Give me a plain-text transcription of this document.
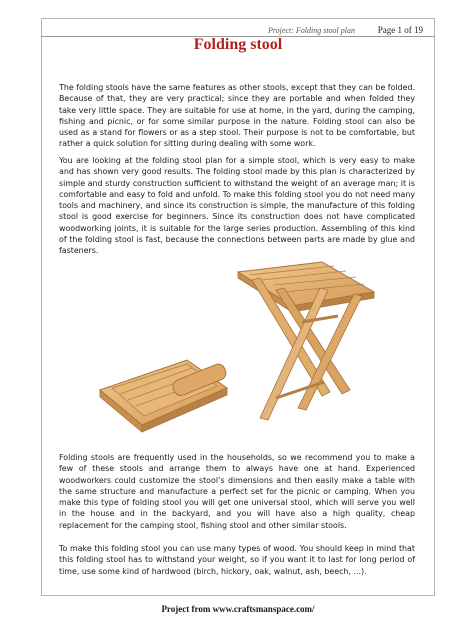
Project: Folding stool plan	Page 1 of 19
Folding stool

The folding stools have the same features as other stools, except that they can be folded. Because of that, they are very practical; since they are portable and when folded they take very little space. They are suitable for use at home, in the yard, during the camping, fishing and picnic, or for some similar purpose in the nature. Folding stool can also be used as a stand for flowers or as a step stool. Their purpose is not to be comfortable, but rather a quick solution for sitting during dealing with some work.

You are looking at the folding stool plan for a simple stool, which is very easy to make and has shown very good results. The folding stool made by this plan is characterized by simple and sturdy construction sufficient to withstand the weight of an average man; it is comfortable and easy to fold and unfold. To make this folding stool you do not need many tools and machinery, and since its construction is simple, the manufacture of this folding stool is good exercise for beginners. Since its construction does not have complicated woodworking joints, it is suitable for the large series production. Assembling of this kind of the folding stool is fast, because the connections between parts are made by glue and fasteners.

Folding stools are frequently used in the households, so we recommend you to make a few of these stools and arrange them to always have one at hand. Experienced woodworkers could customize the stool’s dimensions and then easily make a table with the same structure and manufacture a perfect set for the picnic or camping. When you make this type of folding stool you will get one universal stool, which will serve you well in the house and in the backyard, and you will have also a high quality, cheap replacement for the camping stool, fishing stool and other similar stools.

To make this folding stool you can use many types of wood. You should keep in mind that this folding stool has to withstand your weight, so if you want it to last for long period of time, use some kind of hardwood (birch, hickory, oak, walnut, ash, beech, ...).

Project from www.craftsmanspace.com/
